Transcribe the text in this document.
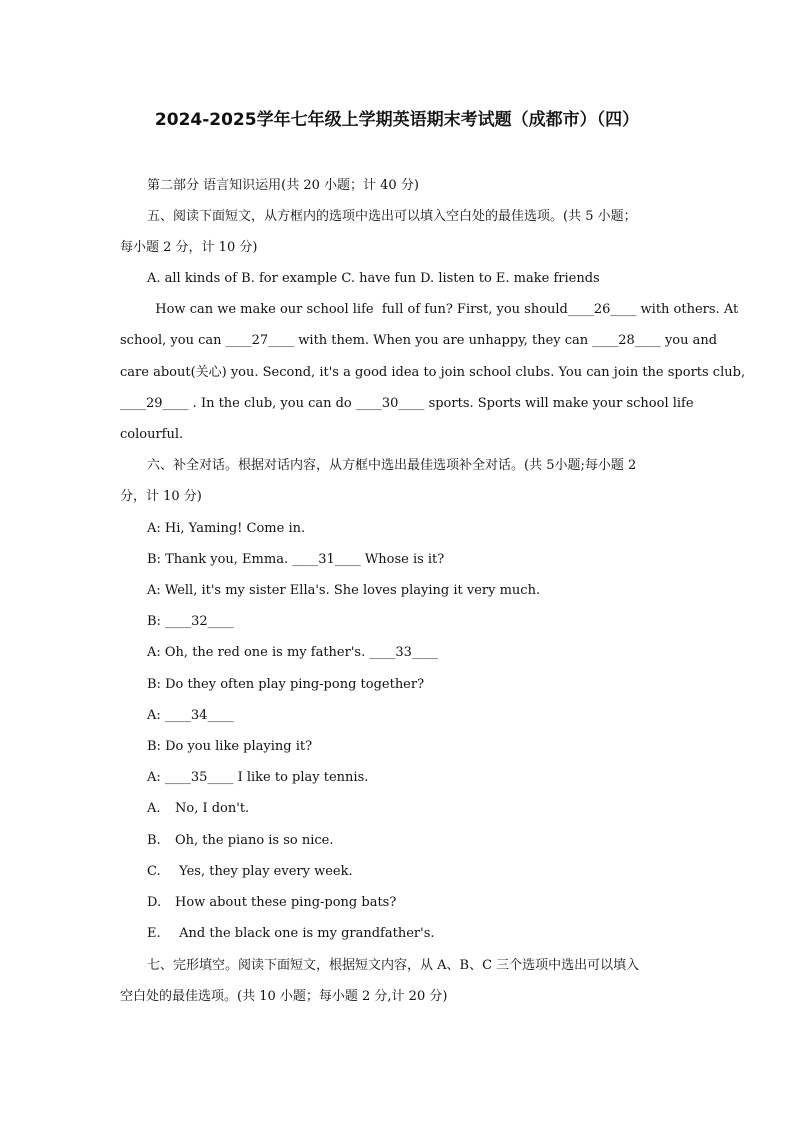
2024-2025学年七年级上学期英语期末考试题（成都市）（四）
第二部分 语言知识运用(共 20 小题；计 40 分)
五、阅读下面短文，从方框内的选项中选出可以填入空白处的最佳选项。(共 5 小题；
每小题 2 分，计 10 分)
A. all kinds of B. for example C. have fun D. listen to E. make friends
How can we make our school life  full of fun? First, you should____26____ with others. At
school, you can ____27____ with them. When you are unhappy, they can ____28____ you and
care about(关心) you. Second, it's a good idea to join school clubs. You can join the sports club,
____29____ . In the club, you can do ____30____ sports. Sports will make your school life
colourful.
六、补全对话。根据对话内容，从方框中选出最佳选项补全对话。(共 5小题;每小题 2
分，计 10 分)
A: Hi, Yaming! Come in.
B: Thank you, Emma. ____31____ Whose is it?
A: Well, it's my sister Ella's. She loves playing it very much.
B: ____32____
A: Oh, the red one is my father's. ____33____
B: Do they often play ping-pong together?
A: ____34____
B: Do you like playing it?
A: ____35____ I like to play tennis.
A. No, I don't.
B. Oh, the piano is so nice.
C. Yes, they play every week.
D. How about these ping-pong bats?
E. And the black one is my grandfather's.
七、完形填空。阅读下面短文，根据短文内容，从 A、B、C 三个选项中选出可以填入
空白处的最佳选项。(共 10 小题；每小题 2 分,计 20 分)
